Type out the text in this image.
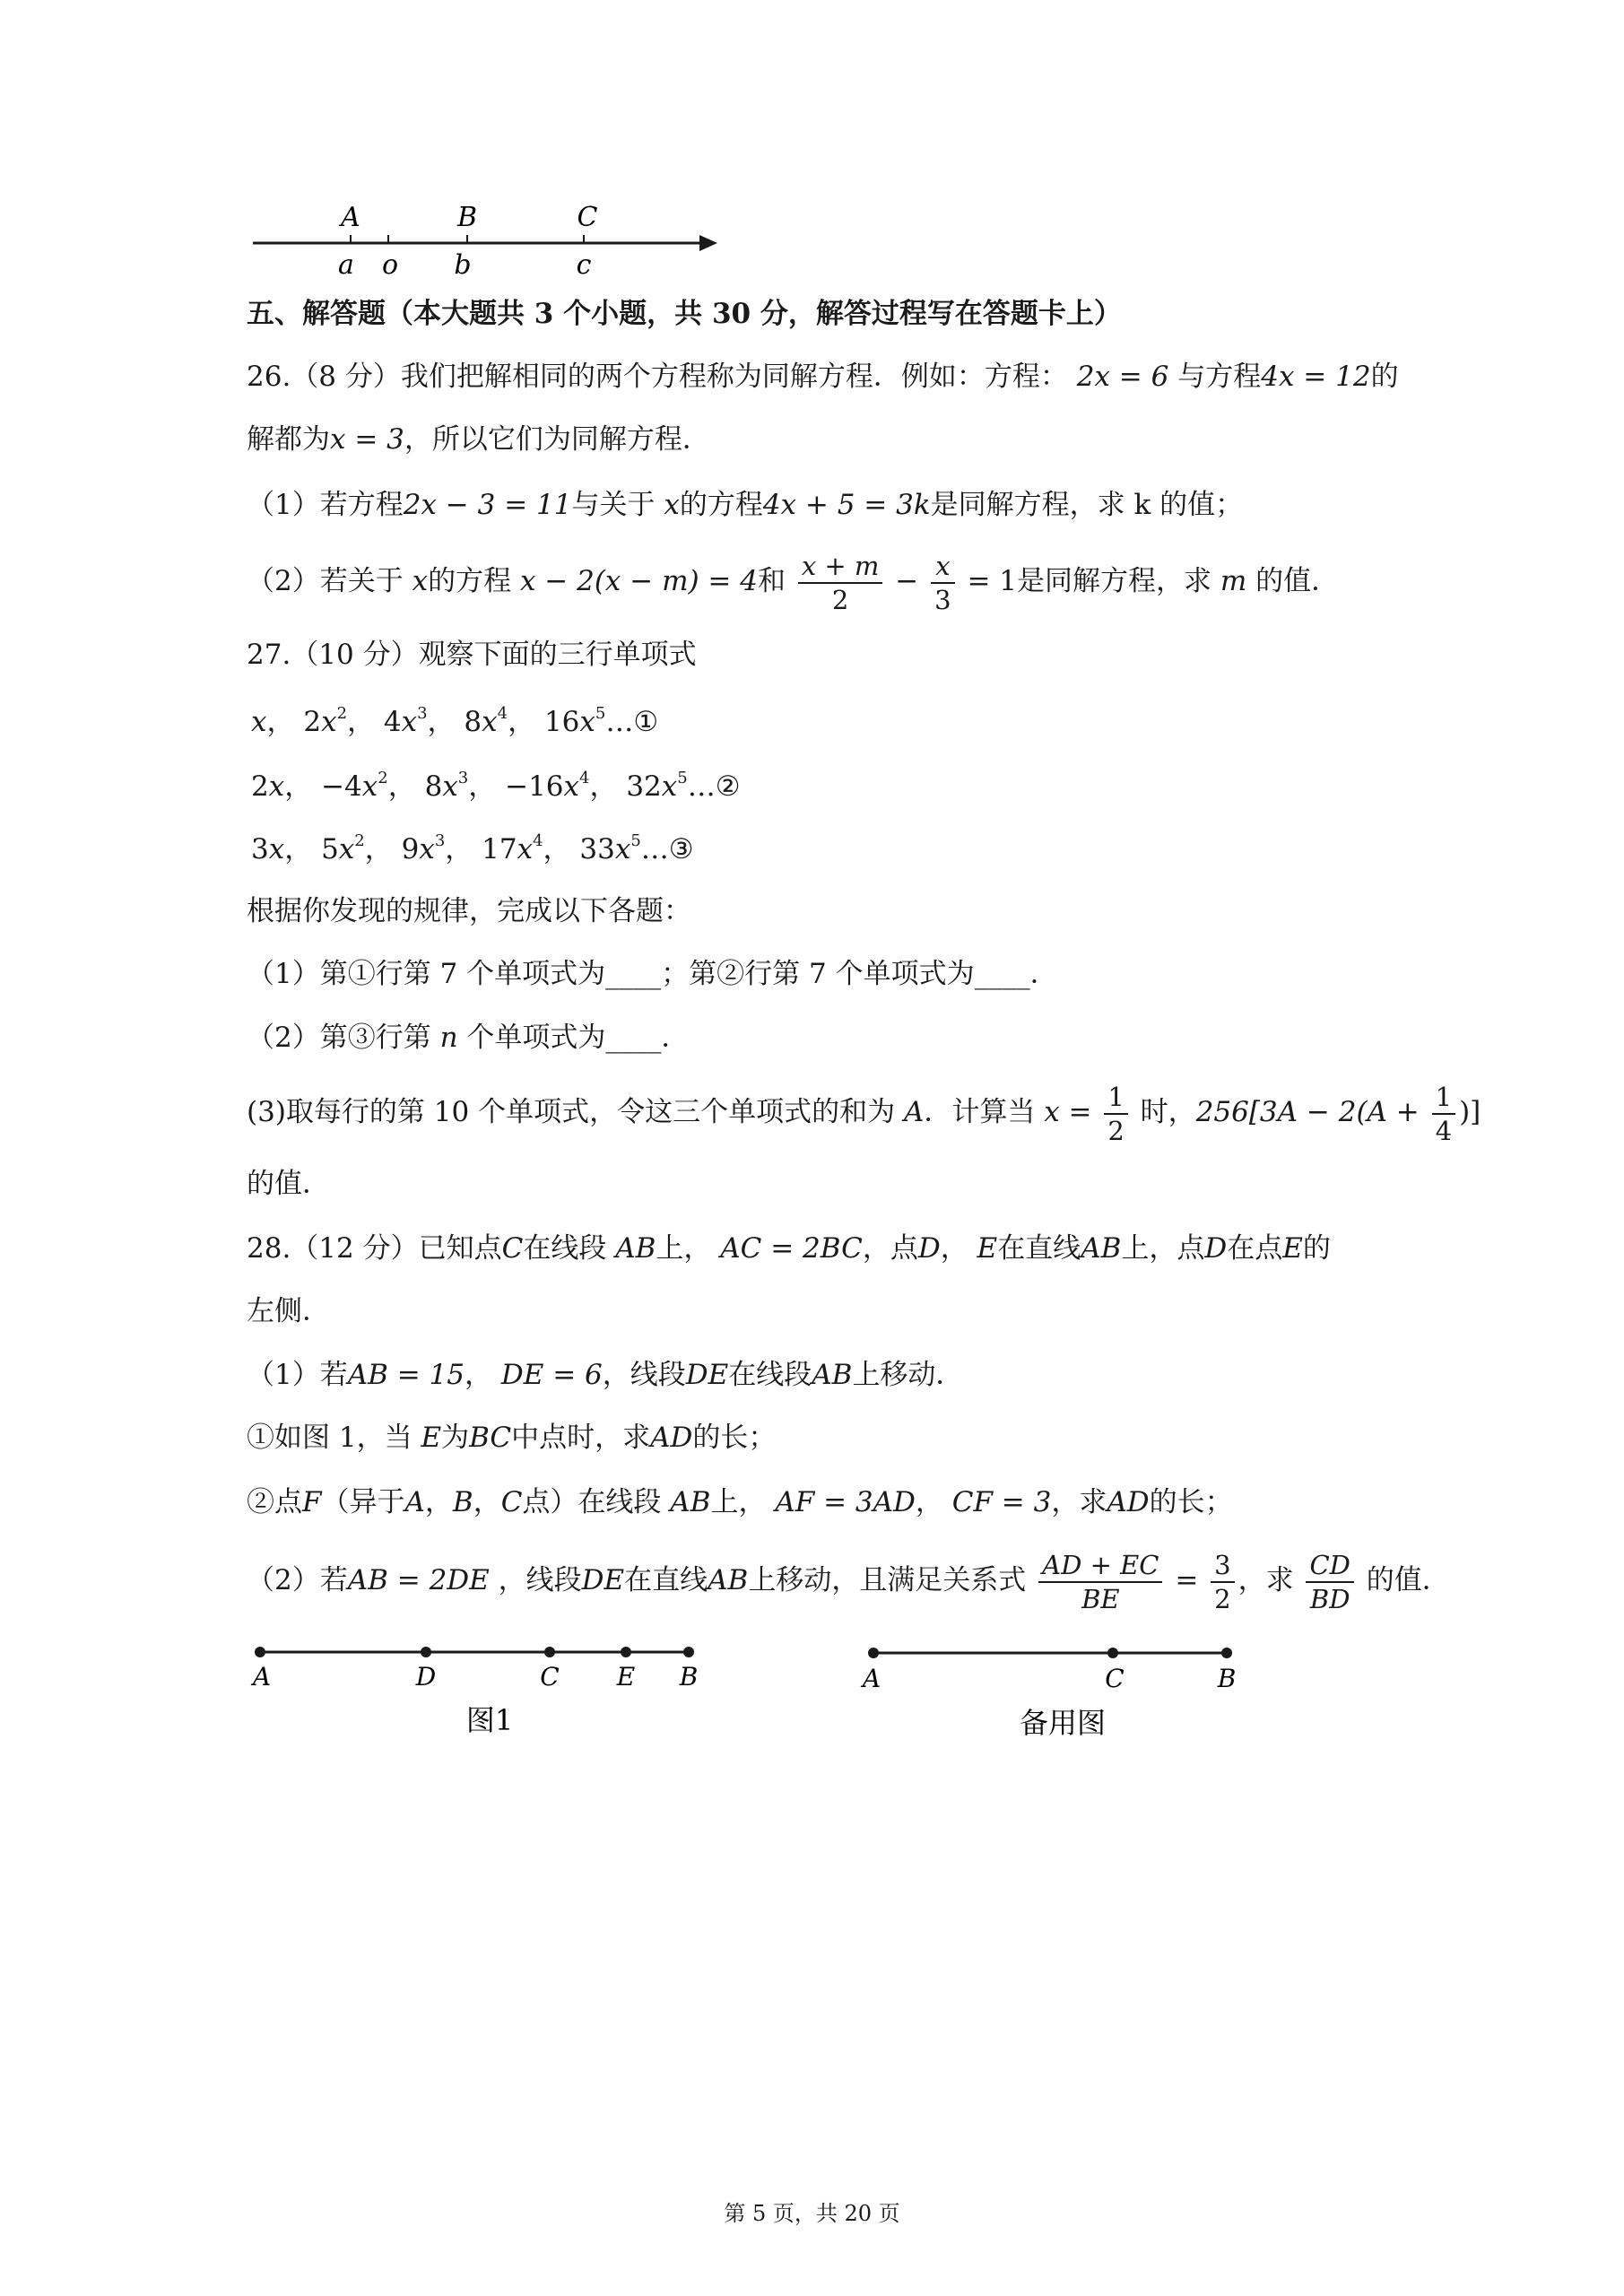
A	B	C
a o b	c
五、解答题（本大题共 3 个小题，共 30 分，解答过程写在答题卡上）
26.（8 分）我们把解相同的两个方程称为同解方程．例如：方程： 2x = 6 与方程4x = 12的
解都为x = 3，所以它们为同解方程．
（1）若方程2x − 3 = 11与关于 x的方程4x + 5 = 3k是同解方程，求 k 的值；
（2）若关于 x的方程 x − 2(x − m) = 4和 $\frac{x + m}{2} - \frac{x}{3} = 1$是同解方程，求 m 的值．
27.（10 分）观察下面的三行单项式
x， $2x^2$， $4x^3$， $8x^4$， $16x^5\dots ①$
2x， $-4x^2$， $8x^3$， $-16x^4$， $32x^5\dots ②$
3x， $5x^2$， $9x^3$， $17x^4$， $33x^5\dots ③$
根据你发现的规律，完成以下各题：
（1）第①行第 7 个单项式为____；第②行第 7 个单项式为____．
（2）第③行第 n 个单项式为____．
(3)取每行的第 10 个单项式，令这三个单项式的和为 A．计算当 $x = \frac{1}{2}$ 时，$256[3A - 2(A + \frac{1}{4}$ )]
的值．
28.（12 分）已知点C在线段 AB上， AC = 2BC，点D， E在直线AB上，点D在点E的
左侧．
（1）若AB = 15， DE = 6，线段DE在线段AB上移动．
①如图 1，当 E为BC中点时，求AD的长；
②点F（异于A，B，C点）在线段 AB上， AF = 3AD， CF = 3，求AD的长；
（2）若AB = 2DE ，线段DE在直线AB上移动，且满足关系式 $\frac{AD + EC}{BE} = \frac{3}{2}$ ，求 $\frac{CD}{BD}$ 的值．
A	D	C E B
图1
A	C	B
备用图
第 5 页，共 20 页
